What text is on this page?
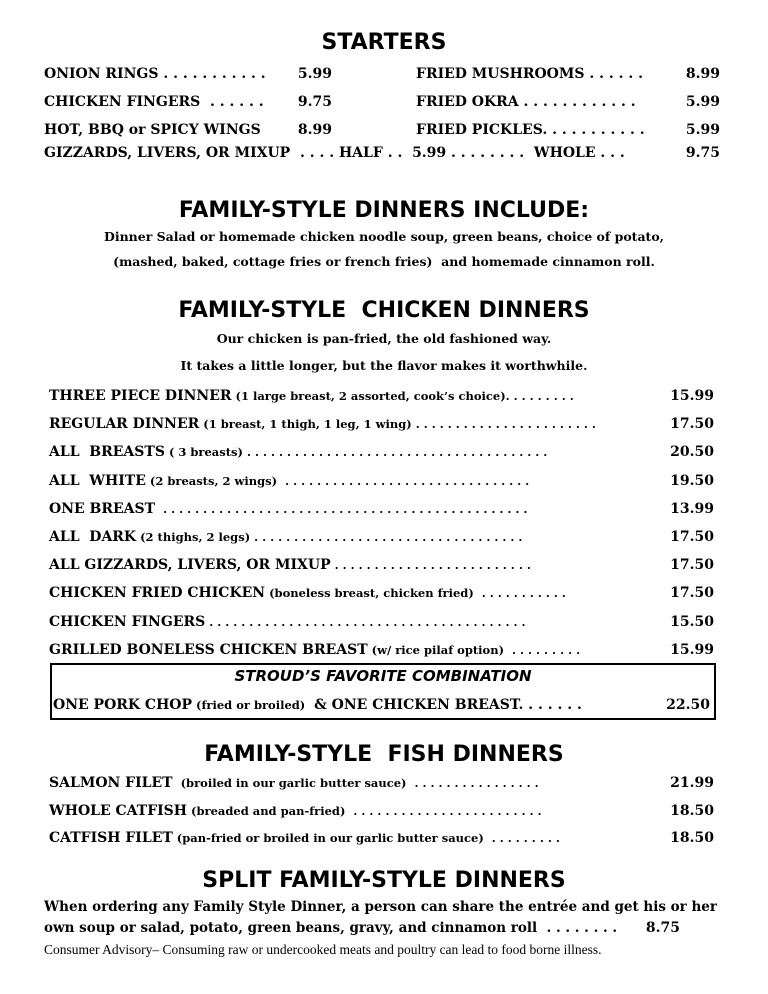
STARTERS
ONION RINGS . . . . . . . . . . .	5.99	FRIED MUSHROOMS . . . . . .	8.99
CHICKEN FINGERS  . . . . . .	9.75	FRIED OKRA . . . . . . . . . . . .	5.99
HOT, BBQ or SPICY WINGS	8.99	FRIED PICKLES. . . . . . . . . . .	5.99
GIZZARDS, LIVERS, OR MIXUP  . . . . HALF . .  5.99 . . . . . . . .  WHOLE . . .	9.75
FAMILY-STYLE DINNERS INCLUDE:
Dinner Salad or homemade chicken noodle soup, green beans, choice of potato,
(mashed, baked, cottage fries or french fries)  and homemade cinnamon roll.
FAMILY-STYLE  CHICKEN DINNERS
Our chicken is pan-fried, the old fashioned way.
It takes a little longer, but the flavor makes it worthwhile.
THREE PIECE DINNER (1 large breast, 2 assorted, cook’s choice). . . . . . . . .	15.99
REGULAR DINNER (1 breast, 1 thigh, 1 leg, 1 wing) . . . . . . . . . . . . . . . . . . . . . . .	17.50
ALL  BREASTS ( 3 breasts) . . . . . . . . . . . . . . . . . . . . . . . . . . . . . . . . . . . . . .	20.50
ALL  WHITE (2 breasts, 2 wings)  . . . . . . . . . . . . . . . . . . . . . . . . . . . . . . .	19.50
ONE BREAST  . . . . . . . . . . . . . . . . . . . . . . . . . . . . . . . . . . . . . . . . . . . . . .	13.99
ALL  DARK (2 thighs, 2 legs) . . . . . . . . . . . . . . . . . . . . . . . . . . . . . . . . . .	17.50
ALL GIZZARDS, LIVERS, OR MIXUP . . . . . . . . . . . . . . . . . . . . . . . . .	17.50
CHICKEN FRIED CHICKEN (boneless breast, chicken fried)  . . . . . . . . . . .	17.50
CHICKEN FINGERS . . . . . . . . . . . . . . . . . . . . . . . . . . . . . . . . . . . . . . . .	15.50
GRILLED BONELESS CHICKEN BREAST (w/ rice pilaf option)  . . . . . . . . .	15.99
STROUD’S FAVORITE COMBINATION
ONE PORK CHOP (fried or broiled)  & ONE CHICKEN BREAST. . . . . . .	22.50
FAMILY-STYLE  FISH DINNERS
SALMON FILET  (broiled in our garlic butter sauce)  . . . . . . . . . . . . . . . .	21.99
WHOLE CATFISH (breaded and pan-fried)  . . . . . . . . . . . . . . . . . . . . . . . .	18.50
CATFISH FILET (pan-fried or broiled in our garlic butter sauce)  . . . . . . . . .	18.50
SPLIT FAMILY-STYLE DINNERS
When ordering any Family Style Dinner, a person can share the entrée and get his or her
own soup or salad, potato, green beans, gravy, and cinnamon roll  . . . . . . . .	8.75
Consumer Advisory– Consuming raw or undercooked meats and poultry can lead to food borne illness.
